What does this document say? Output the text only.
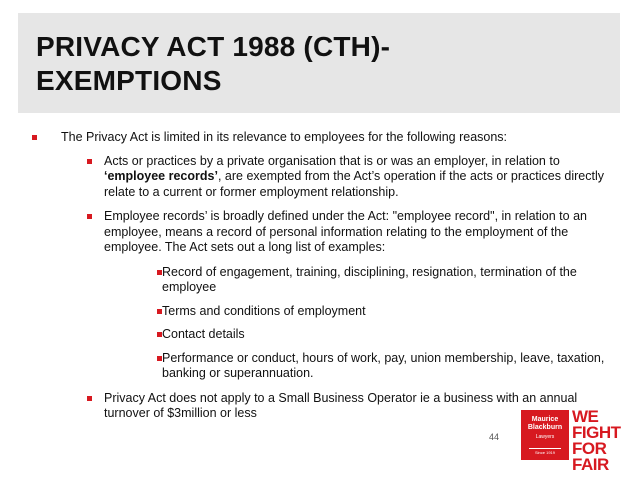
PRIVACY ACT 1988 (CTH)-
EXEMPTIONS
The Privacy Act is limited in its relevance to employees for the following reasons:
Acts or practices by a private organisation that is or was an employer, in relation to ‘employee records’, are exempted from the Act’s operation if the acts or practices directly relate to a current or former employment relationship.
Employee records’ is broadly defined under the Act: "employee record", in relation to an employee, means a record of personal information relating to the employment of the employee. The Act sets out a long list of examples:
Record of engagement, training, disciplining, resignation, termination of the employee
Terms and conditions of employment
Contact details
Performance or conduct, hours of work, pay, union membership, leave, taxation, banking or superannuation.
Privacy Act does not apply to a Small Business Operator ie a business with an annual turnover of $3million or less
44
Maurice
Blackburn
Lawyers
Since 1919
WE
FIGHT
FOR
FAIR
